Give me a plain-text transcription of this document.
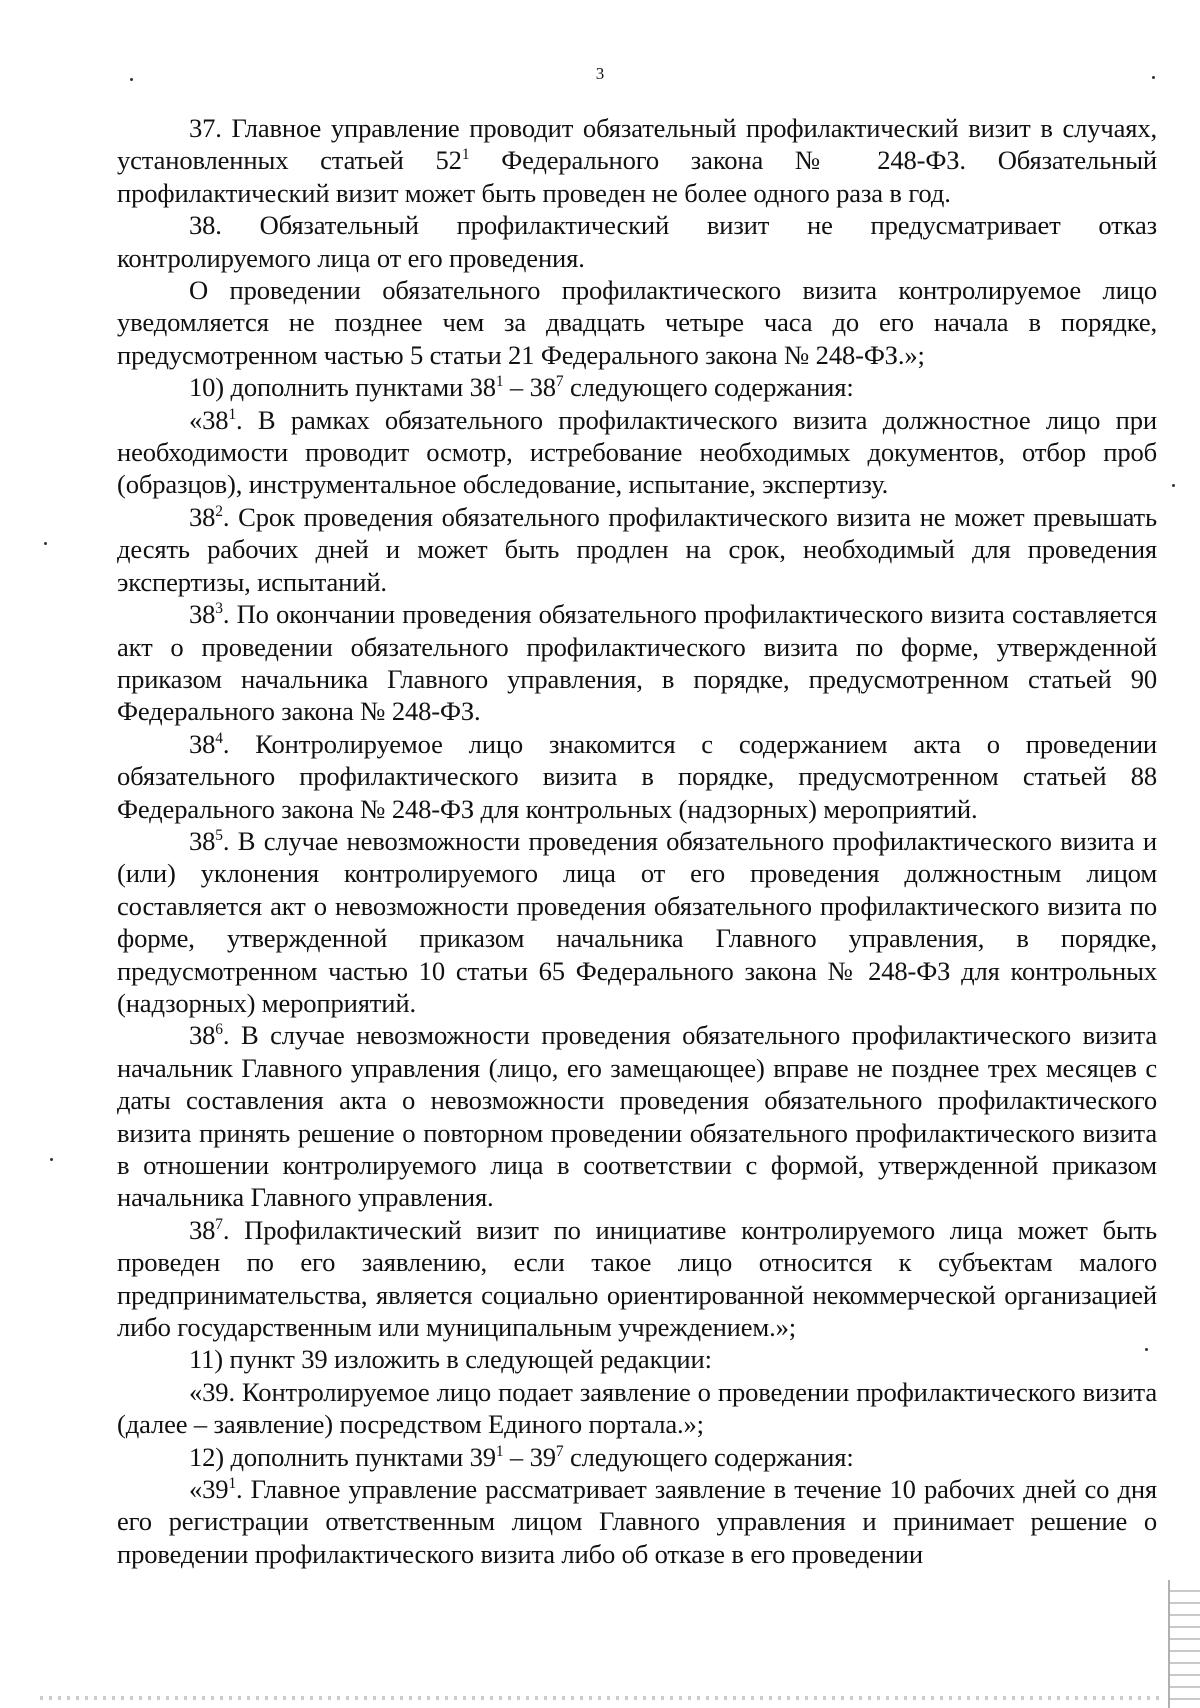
3

37. Главное управление проводит обязательный профилактический визит в случаях, установленных статьей $52^1$ Федерального закона № 248-ФЗ. Обязательный профилактический визит может быть проведен не более одного раза в год.

38. Обязательный профилактический визит не предусматривает отказ контролируемого лица от его проведения.

О проведении обязательного профилактического визита контролируемое лицо уведомляется не позднее чем за двадцать четыре часа до его начала в порядке, предусмотренном частью 5 статьи 21 Федерального закона № 248-ФЗ.»;

10) дополнить пунктами $38^1 - 38^7$ следующего содержания:

«$38^1$. В рамках обязательного профилактического визита должностное лицо при необходимости проводит осмотр, истребование необходимых документов, отбор проб (образцов), инструментальное обследование, испытание, экспертизу.

$38^2$. Срок проведения обязательного профилактического визита не может превышать десять рабочих дней и может быть продлен на срок, необходимый для проведения экспертизы, испытаний.

$38^3$. По окончании проведения обязательного профилактического визита составляется акт о проведении обязательного профилактического визита по форме, утвержденной приказом начальника Главного управления, в порядке, предусмотренном статьей 90 Федерального закона № 248-ФЗ.

$38^4$. Контролируемое лицо знакомится с содержанием акта о проведении обязательного профилактического визита в порядке, предусмотренном статьей 88 Федерального закона № 248-ФЗ для контрольных (надзорных) мероприятий.

$38^5$. В случае невозможности проведения обязательного профилактического визита и (или) уклонения контролируемого лица от его проведения должностным лицом составляется акт о невозможности проведения обязательного профилактического визита по форме, утвержденной приказом начальника Главного управления, в порядке, предусмотренном частью 10 статьи 65 Федерального закона № 248-ФЗ для контрольных (надзорных) мероприятий.

$38^6$. В случае невозможности проведения обязательного профилактического визита начальник Главного управления (лицо, его замещающее) вправе не позднее трех месяцев с даты составления акта о невозможности проведения обязательного профилактического визита принять решение о повторном проведении обязательного профилактического визита в отношении контролируемого лица в соответствии с формой, утвержденной приказом начальника Главного управления.

$38^7$. Профилактический визит по инициативе контролируемого лица может быть проведен по его заявлению, если такое лицо относится к субъектам малого предпринимательства, является социально ориентированной некоммерческой организацией либо государственным или муниципальным учреждением.»;

11) пункт 39 изложить в следующей редакции:

«39. Контролируемое лицо подает заявление о проведении профилактического визита (далее – заявление) посредством Единого портала.»;

12) дополнить пунктами $39^1 - 39^7$ следующего содержания:

«$39^1$. Главное управление рассматривает заявление в течение 10 рабочих дней со дня его регистрации ответственным лицом Главного управления и принимает решение о проведении профилактического визита либо об отказе в его проведении
